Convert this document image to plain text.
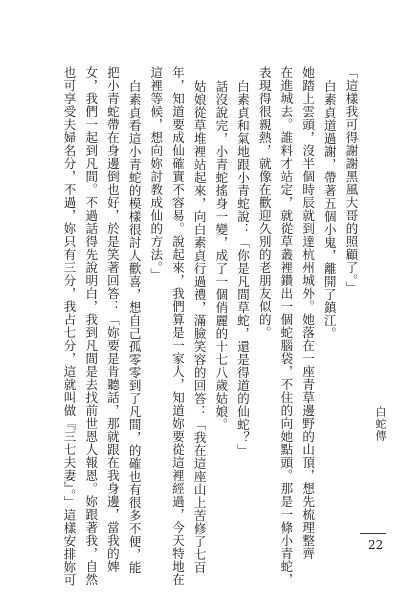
「這樣我可得謝謝黑風大哥的照顧了。」
白素貞道過謝，帶著五個小鬼，離開了鎮江。
她踏上雲頭，沒半個時辰就到達杭州城外。她落在一座青草邊野的山頂，想先梳理整齊
在進城去。誰料才站定，就從草叢裡鑽出一個蛇腦袋，不住的向她點頭。那是一條小青蛇，
表現得很親熱，就像在歡迎久別的老朋友似的。
白素貞和氣地跟小青蛇說：「你是凡間草蛇，還是得道的仙蛇？」
話沒說完，小青蛇搖身一變，成了一個俏麗的十七八歲姑娘。
姑娘從草堆裡站起來，向白素貞行過禮，滿臉笑容的回答：「我在這座山上苦修了七百
年，知道要成仙確實不容易。說起來，我們算是一家人，知道妳要從這裡經過，今天特地在
這裡等候，想向妳討教成仙的方法。」
白素貞看這小青蛇的模樣很討人歡喜，想自己孤零零到了凡間，的確也有很多不便，能
把小青蛇帶在身邊倒也好，於是笑著回答：「妳要是肯聽話，那就跟在我身邊，當我的婢
女，我們一起到凡間。不過話得先說明白，我到凡間是去找前世恩人報恩。妳跟著我，自然
也可享受夫婦名分，不過，妳只有三分，我占七分，這就叫做『三七夫妻』。」這樣安排妳可	白蛇傳
22
